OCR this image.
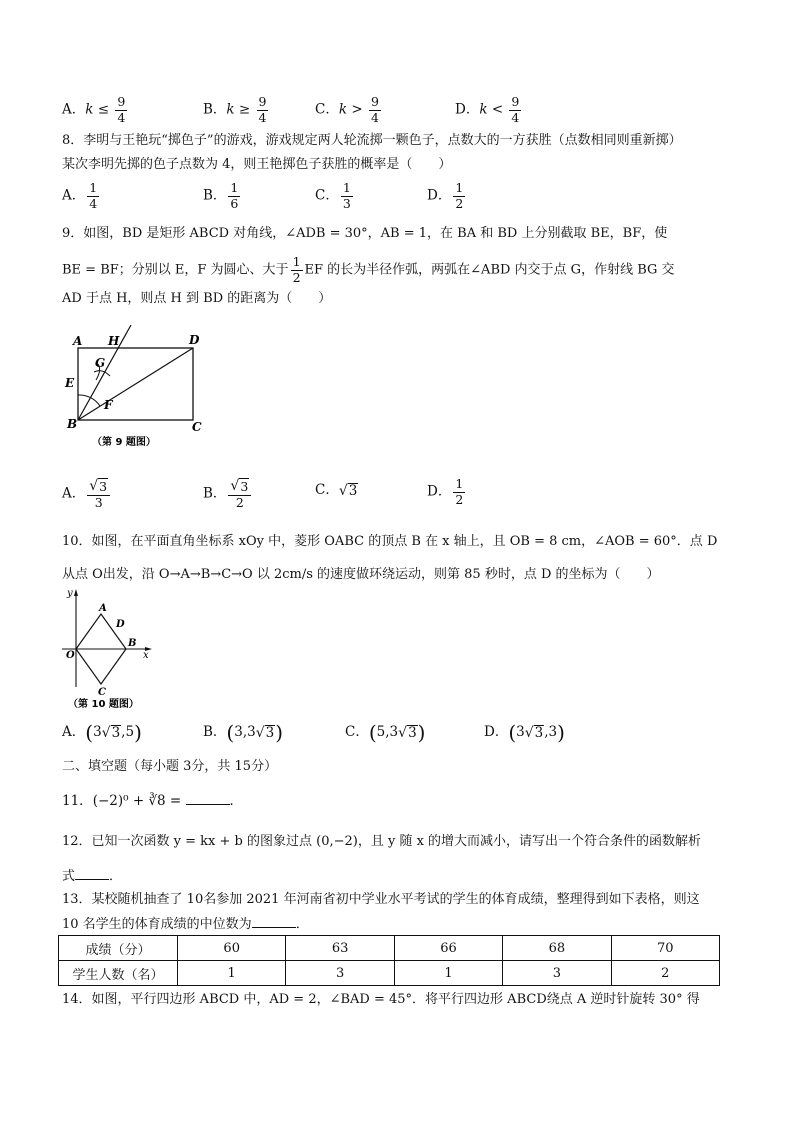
A．$k \le \frac{9}{4}$	B．$k \ge \frac{9}{4}$	C．$k > \frac{9}{4}$	D．$k < \frac{9}{4}$
8．李明与王艳玩“掷色子”的游戏，游戏规定两人轮流掷一颗色子，点数大的一方获胜（点数相同则重新掷）
某次李明先掷的色子点数为 4，则王艳掷色子获胜的概率是（　　）
A． $\frac{1}{4}$	B． $\frac{1}{6}$	C． $\frac{1}{3}$	D． $\frac{1}{2}$
9．如图，BD 是矩形 ABCD 对角线，∠ADB = 30°，AB = 1，在 BA 和 BD 上分别截取 BE，BF，使
BE = BF；分别以 E，F 为圆心、大于 $\frac{1}{2}$ EF 的长为半径作弧，两弧在∠ABD 内交于点 G，作射线 BG 交
AD 于点 H，则点 H 到 BD 的距离为（　　）
A H	D
G
E
F
B	C
（第 9 题图）
A． $\frac{√ 3}{3}$	B． $\frac{√ 3}{2}$	C． √ 3	D． $\frac{1}{2}$
10．如图，在平面直角坐标系 xOy 中，菱形 OABC 的顶点 B 在 x 轴上，且 OB = 8 cm，∠AOB = 60°．点 D
从点 O出发，沿 O→A→B→C→O 以 2cm/s 的速度做环绕运动，则第 85 秒时，点 D 的坐标为（　　）
y
x
O
A
B
C
D
（第 10 题图）
A．(3 √ 3 ,5)	B．(3,3 √ 3 )	C．(5,3 √ 3 )	D．(3 √ 3 ,3)
二、填空题（每小题 3分，共 15分）
11．(−2)⁰ + ∛8 =	．
12．已知一次函数 y = kx + b 的图象过点 (0,−2)，且 y 随 x 的增大而减小，请写出一个符合条件的函数解析
式	．
13．某校随机抽查了 10名参加 2021 年河南省初中学业水平考试的学生的体育成绩，整理得到如下表格，则这
10 名学生的体育成绩的中位数为	．
成绩（分）	60	63	66	68	70
学生人数（名）	1	3	1	3	2
14．如图，平行四边形 ABCD 中，AD = 2，∠BAD = 45°．将平行四边形 ABCD绕点 A 逆时针旋转 30° 得
